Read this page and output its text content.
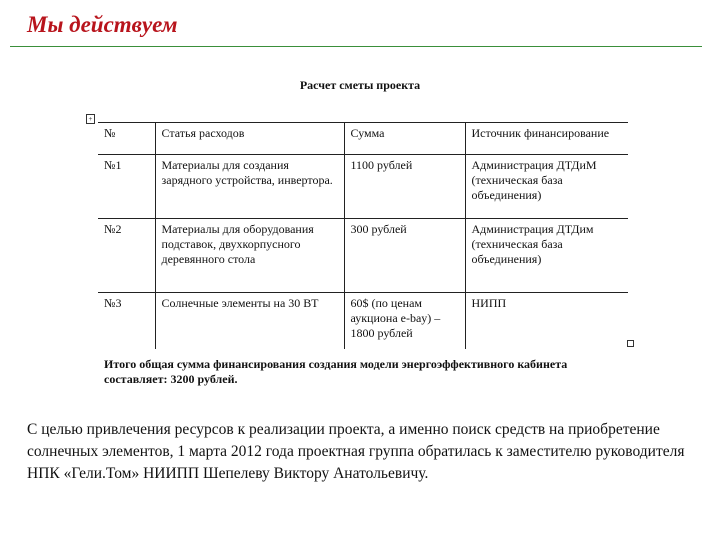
Мы действуем
Расчет сметы проекта
+
№	Статья расходов	Сумма	Источник финансирование
№1	Материалы для создания зарядного устройства, инвертора.	1100 рублей	Администрация ДТДиМ (техническая база объединения)
№2	Материалы для оборудования подставок, двухкорпусного деревянного стола	300 рублей	Администрация ДТДим (техническая база объединения)
№3	Солнечные элементы на 30 ВТ	60$ (по ценам аукциона e-bay) – 1800 рублей	НИПП
Итого общая сумма финансирования создания модели энергоэффективного кабинета составляет: 3200 рублей.
С целью привлечения ресурсов к реализации проекта, а именно поиск средств на приобретение солнечных элементов, 1 марта 2012 года проектная группа обратилась к заместителю руководителя НПК «Гели.Том» НИИПП Шепелеву Виктору Анатольевичу.
